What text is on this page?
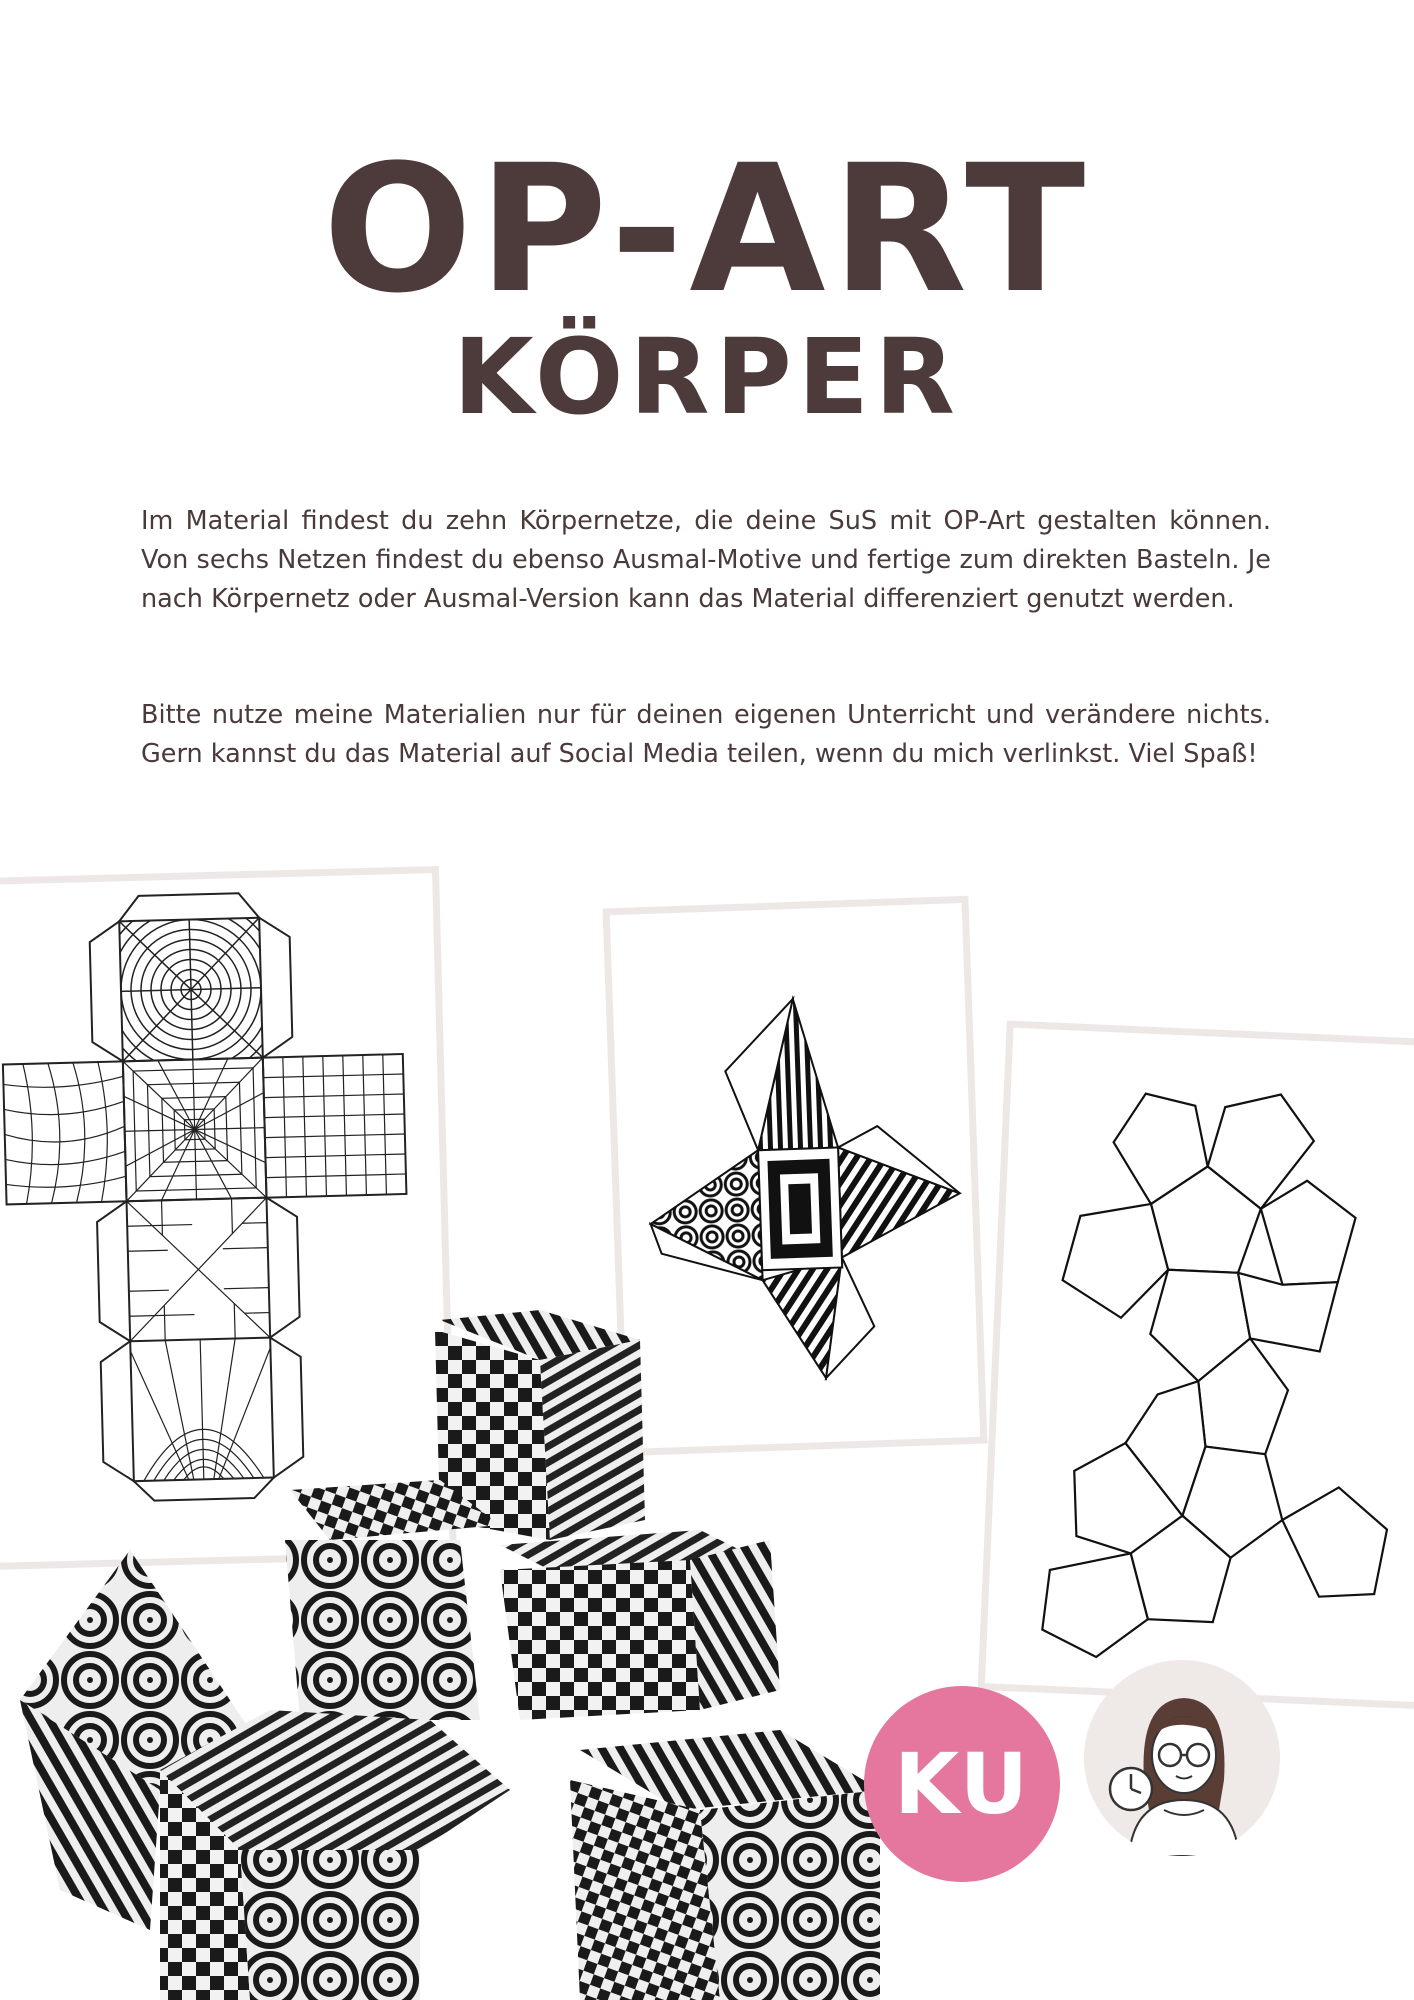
OP-ART
KÖRPER

Im Material findest du zehn Körpernetze, die deine SuS mit OP-Art gestalten können. Von sechs Netzen findest du ebenso Ausmal-Motive und fertige zum direkten Basteln. Je nach Körpernetz oder Ausmal-Version kann das Material differenziert genutzt werden.

Bitte nutze meine Materialien nur für deinen eigenen Unterricht und verändere nichts. Gern kannst du das Material auf Social Media teilen, wenn du mich verlinkst. Viel Spaß!

KU
